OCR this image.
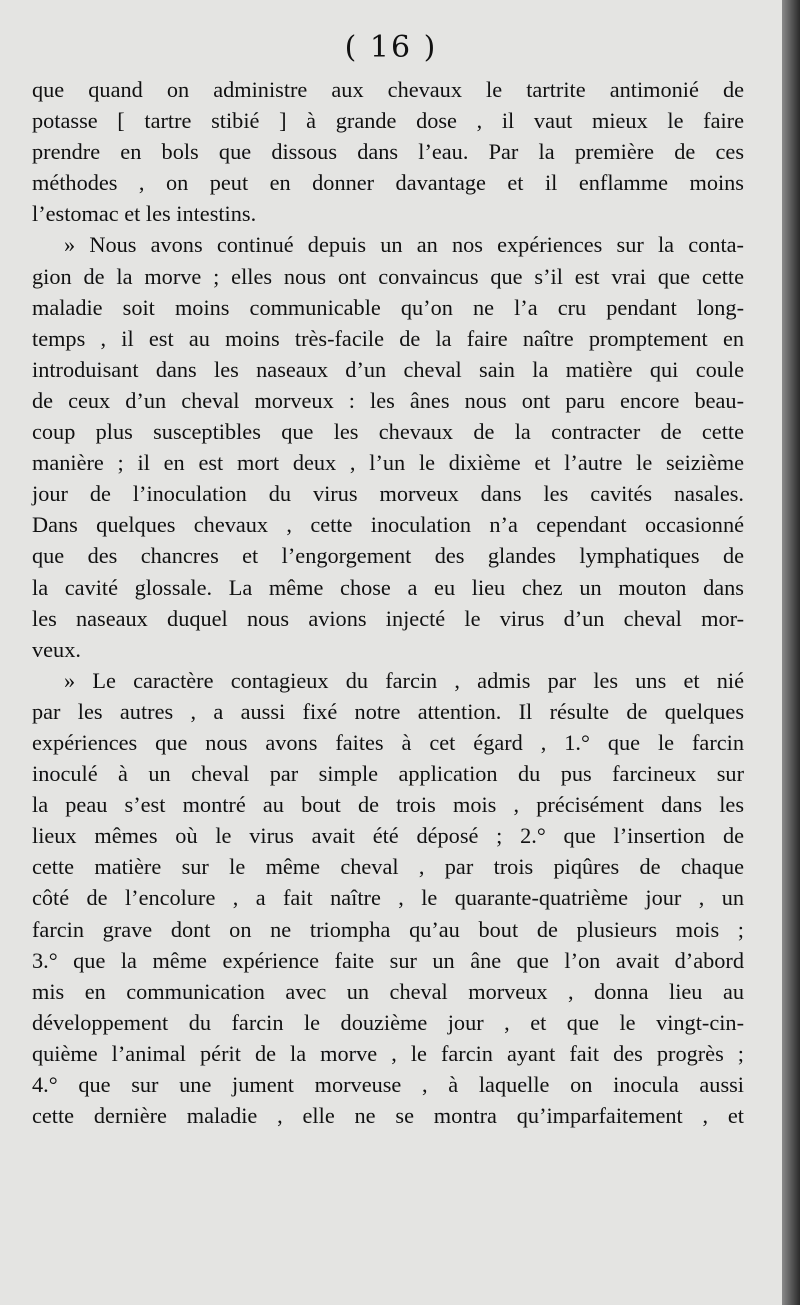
( 16 )
que quand on administre aux chevaux le tartrite antimonié de
potasse [ tartre stibié ] à grande dose , il vaut mieux le faire
prendre en bols que dissous dans l’eau. Par la première de ces
méthodes , on peut en donner davantage et il enflamme moins
l’estomac et les intestins.
» Nous avons continué depuis un an nos expériences sur la conta-
gion de la morve ; elles nous ont convaincus que s’il est vrai que cette
maladie soit moins communicable qu’on ne l’a cru pendant long-
temps , il est au moins très-facile de la faire naître promptement en
introduisant dans les naseaux d’un cheval sain la matière qui coule
de ceux d’un cheval morveux : les ânes nous ont paru encore beau-
coup plus susceptibles que les chevaux de la contracter de cette
manière ; il en est mort deux , l’un le dixième et l’autre le seizième
jour de l’inoculation du virus morveux dans les cavités nasales.
Dans quelques chevaux , cette inoculation n’a cependant occasionné
que des chancres et l’engorgement des glandes lymphatiques de
la cavité glossale. La même chose a eu lieu chez un mouton dans
les naseaux duquel nous avions injecté le virus d’un cheval mor-
veux.
» Le caractère contagieux du farcin , admis par les uns et nié
par les autres , a aussi fixé notre attention. Il résulte de quelques
expériences que nous avons faites à cet égard , 1.° que le farcin
inoculé à un cheval par simple application du pus farcineux sur
la peau s’est montré au bout de trois mois , précisément dans les
lieux mêmes où le virus avait été déposé ; 2.° que l’insertion de
cette matière sur le même cheval , par trois piqûres de chaque
côté de l’encolure , a fait naître , le quarante-quatrième jour , un
farcin grave dont on ne triompha qu’au bout de plusieurs mois ;
3.° que la même expérience faite sur un âne que l’on avait d’abord
mis en communication avec un cheval morveux , donna lieu au
développement du farcin le douzième jour , et que le vingt-cin-
quième l’animal périt de la morve , le farcin ayant fait des progrès ;
4.° que sur une jument morveuse , à laquelle on inocula aussi
cette dernière maladie , elle ne se montra qu’imparfaitement , et
